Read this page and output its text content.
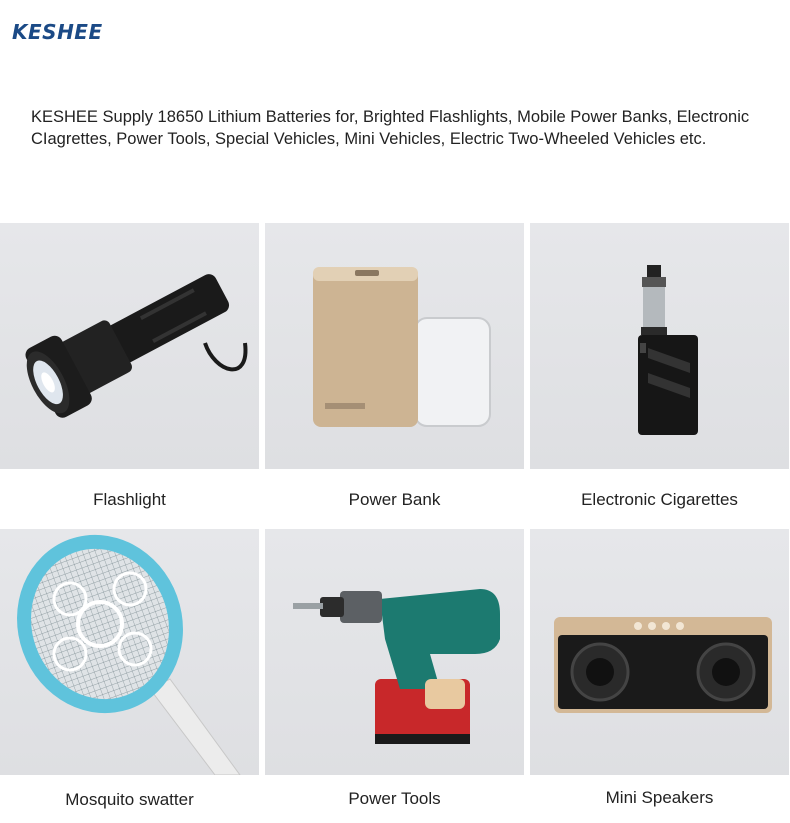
KESHEE
KESHEE Supply 18650 Lithium Batteries for, Brighted Flashlights, Mobile Power Banks, Electronic CIagrettes, Power Tools, Special Vehicles, Mini Vehicles, Electric Two-Wheeled Vehicles etc.
Flashlight	Power Bank	Electronic Cigarettes
Mosquito swatter	Power Tools	Mini Speakers
